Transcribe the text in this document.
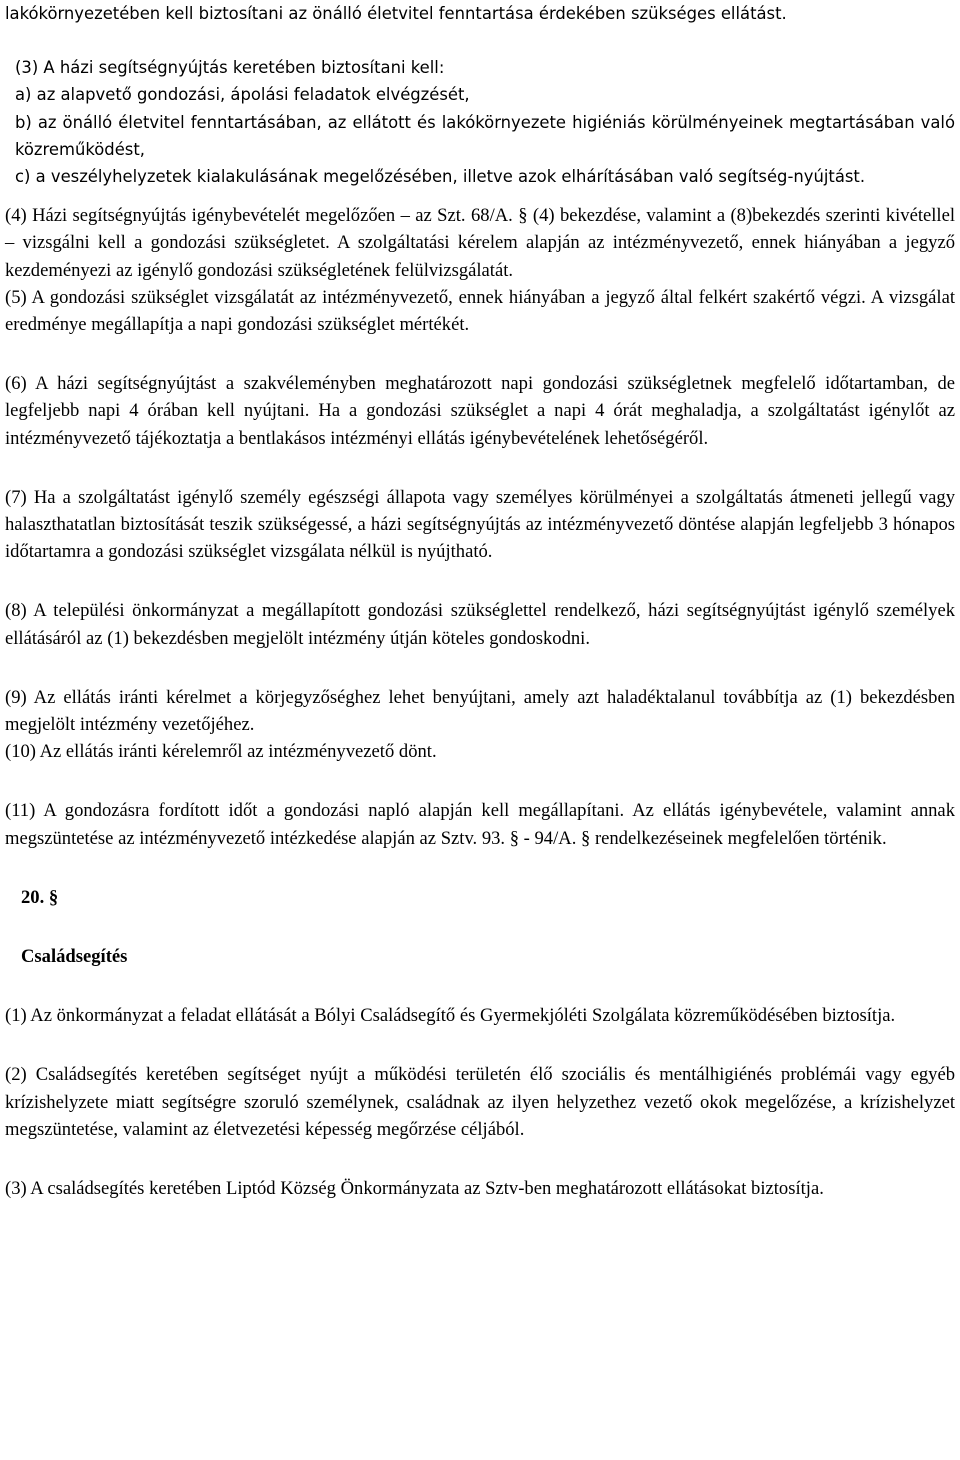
lakókörnyezetében kell biztosítani az önálló életvitel fenntartása érdekében szükséges ellátást.

(3) A házi segítségnyújtás keretében biztosítani kell:
a) az alapvető gondozási, ápolási feladatok elvégzését,
b) az önálló életvitel fenntartásában, az ellátott és lakókörnyezete higiéniás körülményeinek megtartásában való közreműködést,
c) a veszélyhelyzetek kialakulásának megelőzésében, illetve azok elhárításában való segítség-nyújtást.

(4) Házi segítségnyújtás igénybevételét megelőzően – az Szt. 68/A. § (4) bekezdése, valamint a (8)bekezdés szerinti kivétellel – vizsgálni kell a gondozási szükségletet. A szolgáltatási kérelem alapján az intézményvezető, ennek hiányában a jegyző kezdeményezi az igénylő gondozási szükségletének felülvizsgálatát.

(5) A gondozási szükséglet vizsgálatát az intézményvezető, ennek hiányában a jegyző által felkért szakértő végzi. A vizsgálat eredménye megállapítja a napi gondozási szükséglet mértékét.

(6) A házi segítségnyújtást a szakvéleményben meghatározott napi gondozási szükségletnek megfelelő időtartamban, de legfeljebb napi 4 órában kell nyújtani. Ha a gondozási szükséglet a napi 4 órát meghaladja, a szolgáltatást igénylőt az intézményvezető tájékoztatja a bentlakásos intézményi ellátás igénybevételének lehetőségéről.

(7) Ha a szolgáltatást igénylő személy egészségi állapota vagy személyes körülményei a szolgáltatás átmeneti jellegű vagy halaszthatatlan biztosítását teszik szükségessé, a házi segítségnyújtás az intézményvezető döntése alapján legfeljebb 3 hónapos időtartamra a gondozási szükséglet vizsgálata nélkül is nyújtható.

(8) A települési önkormányzat a megállapított gondozási szükséglettel rendelkező, házi segítségnyújtást igénylő személyek ellátásáról az (1) bekezdésben megjelölt intézmény útján köteles gondoskodni.

(9) Az ellátás iránti kérelmet a körjegyzőséghez lehet benyújtani, amely azt haladéktalanul továbbítja az (1) bekezdésben megjelölt intézmény vezetőjéhez.

(10) Az ellátás iránti kérelemről az intézményvezető dönt.

(11) A gondozásra fordított időt a gondozási napló alapján kell megállapítani. Az ellátás igénybevétele, valamint annak megszüntetése az intézményvezető intézkedése alapján az Sztv. 93. § - 94/A. § rendelkezéseinek megfelelően történik.

20. §

Családsegítés

(1) Az önkormányzat a feladat ellátását a Bólyi Családsegítő és Gyermekjóléti Szolgálata közreműködésében biztosítja.

(2) Családsegítés keretében segítséget nyújt a működési területén élő szociális és mentálhigiénés problémái vagy egyéb krízishelyzete miatt segítségre szoruló személynek, családnak az ilyen helyzethez vezető okok megelőzése, a krízishelyzet megszüntetése, valamint az életvezetési képesség megőrzése céljából.

(3) A családsegítés keretében Liptód Község Önkormányzata az Sztv-ben meghatározott ellátásokat biztosítja.
